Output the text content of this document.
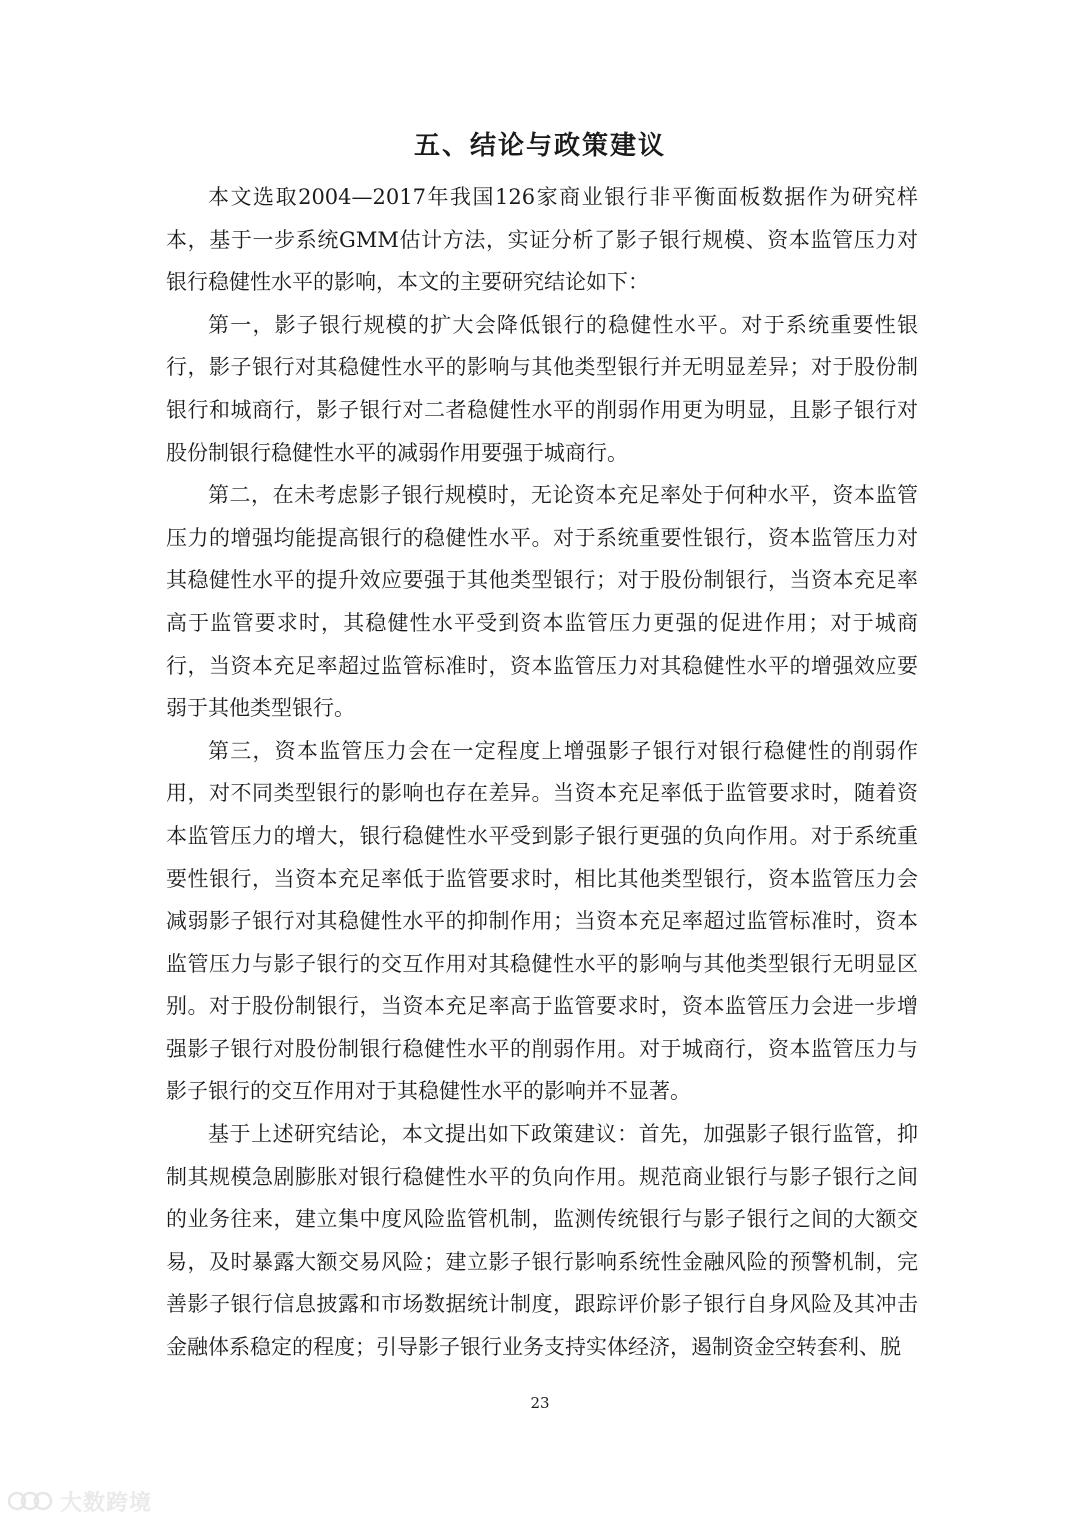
五、结论与政策建议

本文选取2004—2017年我国126家商业银行非平衡面板数据作为研究样本，基于一步系统GMM估计方法，实证分析了影子银行规模、资本监管压力对银行稳健性水平的影响，本文的主要研究结论如下：

第一，影子银行规模的扩大会降低银行的稳健性水平。对于系统重要性银行，影子银行对其稳健性水平的影响与其他类型银行并无明显差异；对于股份制银行和城商行，影子银行对二者稳健性水平的削弱作用更为明显，且影子银行对股份制银行稳健性水平的减弱作用要强于城商行。

第二，在未考虑影子银行规模时，无论资本充足率处于何种水平，资本监管压力的增强均能提高银行的稳健性水平。对于系统重要性银行，资本监管压力对其稳健性水平的提升效应要强于其他类型银行；对于股份制银行，当资本充足率高于监管要求时，其稳健性水平受到资本监管压力更强的促进作用；对于城商行，当资本充足率超过监管标准时，资本监管压力对其稳健性水平的增强效应要弱于其他类型银行。

第三，资本监管压力会在一定程度上增强影子银行对银行稳健性的削弱作用，对不同类型银行的影响也存在差异。当资本充足率低于监管要求时，随着资本监管压力的增大，银行稳健性水平受到影子银行更强的负向作用。对于系统重要性银行，当资本充足率低于监管要求时，相比其他类型银行，资本监管压力会减弱影子银行对其稳健性水平的抑制作用；当资本充足率超过监管标准时，资本监管压力与影子银行的交互作用对其稳健性水平的影响与其他类型银行无明显区别。对于股份制银行，当资本充足率高于监管要求时，资本监管压力会进一步增强影子银行对股份制银行稳健性水平的削弱作用。对于城商行，资本监管压力与影子银行的交互作用对于其稳健性水平的影响并不显著。

基于上述研究结论，本文提出如下政策建议：首先，加强影子银行监管，抑制其规模急剧膨胀对银行稳健性水平的负向作用。规范商业银行与影子银行之间的业务往来，建立集中度风险监管机制，监测传统银行与影子银行之间的大额交易，及时暴露大额交易风险；建立影子银行影响系统性金融风险的预警机制，完善影子银行信息披露和市场数据统计制度，跟踪评价影子银行自身风险及其冲击金融体系稳定的程度；引导影子银行业务支持实体经济，遏制资金空转套利、脱

23
大数跨境
